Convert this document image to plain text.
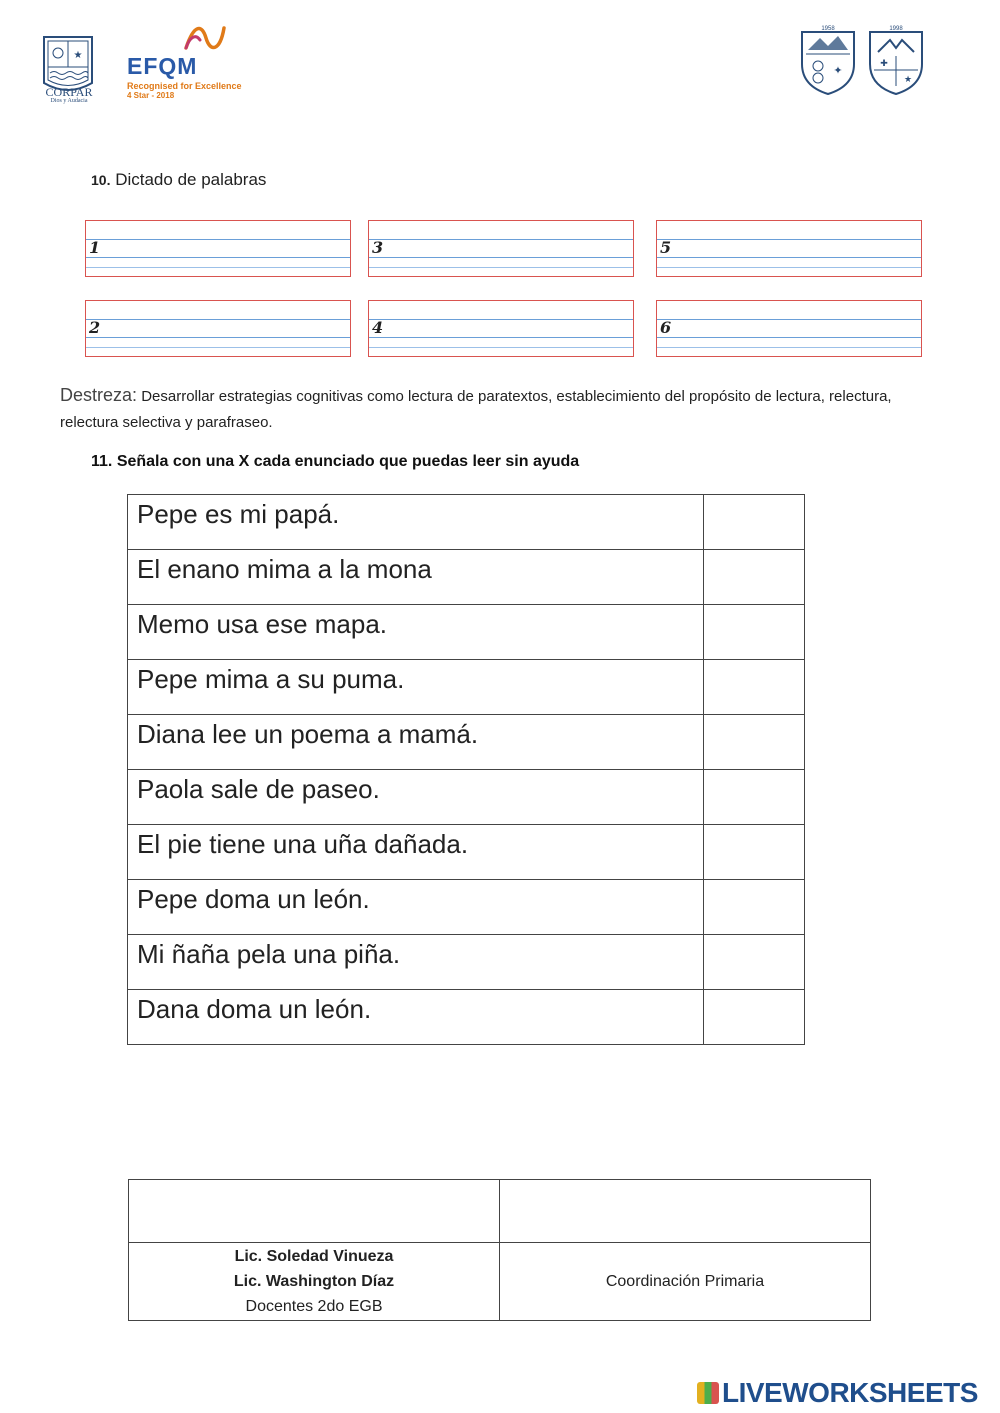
★
CORPAR
Dios y Audacia
EFQM
Recognised for Excellence
4 Star - 2018
1958
✦
1998
✚
★
10. Dictado de palabras
1	3	5
2	4	6
Destreza: Desarrollar estrategias cognitivas como lectura de paratextos, establecimiento del propósito de lectura, relectura, relectura selectiva y parafraseo.
11. Señala con una X cada enunciado que puedas leer sin ayuda
Pepe es mi papá.	
El enano mima a la mona	
Memo usa ese mapa.	
Pepe mima a su puma.	
Diana lee un poema a mamá.	
Paola sale de paseo.	
El pie tiene una uña dañada.	
Pepe doma un león.	
Mi ñaña pela una piña.	
Dana doma un león.	

Lic. Soledad Vinueza
Lic. Washington Díaz
Docentes 2do EGB	Coordinación Primaria
LIVEWORKSHEETS
